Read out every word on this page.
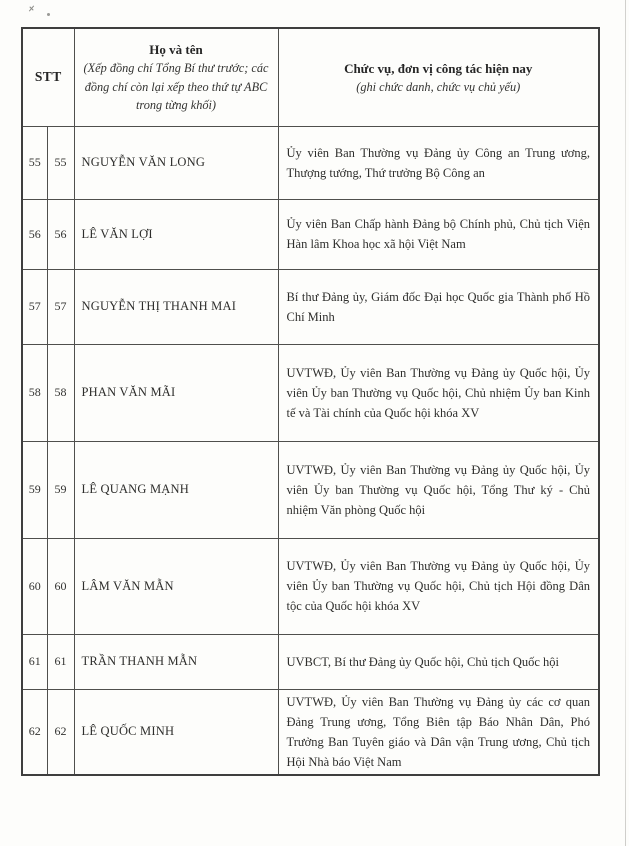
STT	
Họ và tên
(Xếp đồng chí Tổng Bí thư trước; các đồng chí còn lại xếp theo thứ tự ABC trong từng khối)

Chức vụ, đơn vị công tác hiện nay
(ghi chức danh, chức vụ chủ yếu)

55	55	NGUYỄN VĂN LONG	Ủy viên Ban Thường vụ Đảng ủy Công an Trung ương, Thượng tướng, Thứ trưởng Bộ Công an
56	56	LÊ VĂN LỢI	Ủy viên Ban Chấp hành Đảng bộ Chính phủ, Chủ tịch Viện Hàn lâm Khoa học xã hội Việt Nam
57	57	NGUYỄN THỊ THANH MAI	Bí thư Đảng ủy, Giám đốc Đại học Quốc gia Thành phố Hồ Chí Minh
58	58	PHAN VĂN MÃI	UVTWĐ, Ủy viên Ban Thường vụ Đảng ủy Quốc hội, Ủy viên Ủy ban Thường vụ Quốc hội, Chủ nhiệm Ủy ban Kinh tế và Tài chính của Quốc hội khóa XV
59	59	LÊ QUANG MẠNH	UVTWĐ, Ủy viên Ban Thường vụ Đảng ủy Quốc hội, Ủy viên Ủy ban Thường vụ Quốc hội, Tổng Thư ký - Chủ nhiệm Văn phòng Quốc hội
60	60	LÂM VĂN MẪN	UVTWĐ, Ủy viên Ban Thường vụ Đảng ủy Quốc hội, Ủy viên Ủy ban Thường vụ Quốc hội, Chủ tịch Hội đồng Dân tộc của Quốc hội khóa XV
61	61	TRẦN THANH MẪN	UVBCT, Bí thư Đảng ủy Quốc hội, Chủ tịch Quốc hội
62	62	LÊ QUỐC MINH	UVTWĐ, Ủy viên Ban Thường vụ Đảng ủy các cơ quan Đảng Trung ương, Tổng Biên tập Báo Nhân Dân, Phó Trưởng Ban Tuyên giáo và Dân vận Trung ương, Chủ tịch Hội Nhà báo Việt Nam
